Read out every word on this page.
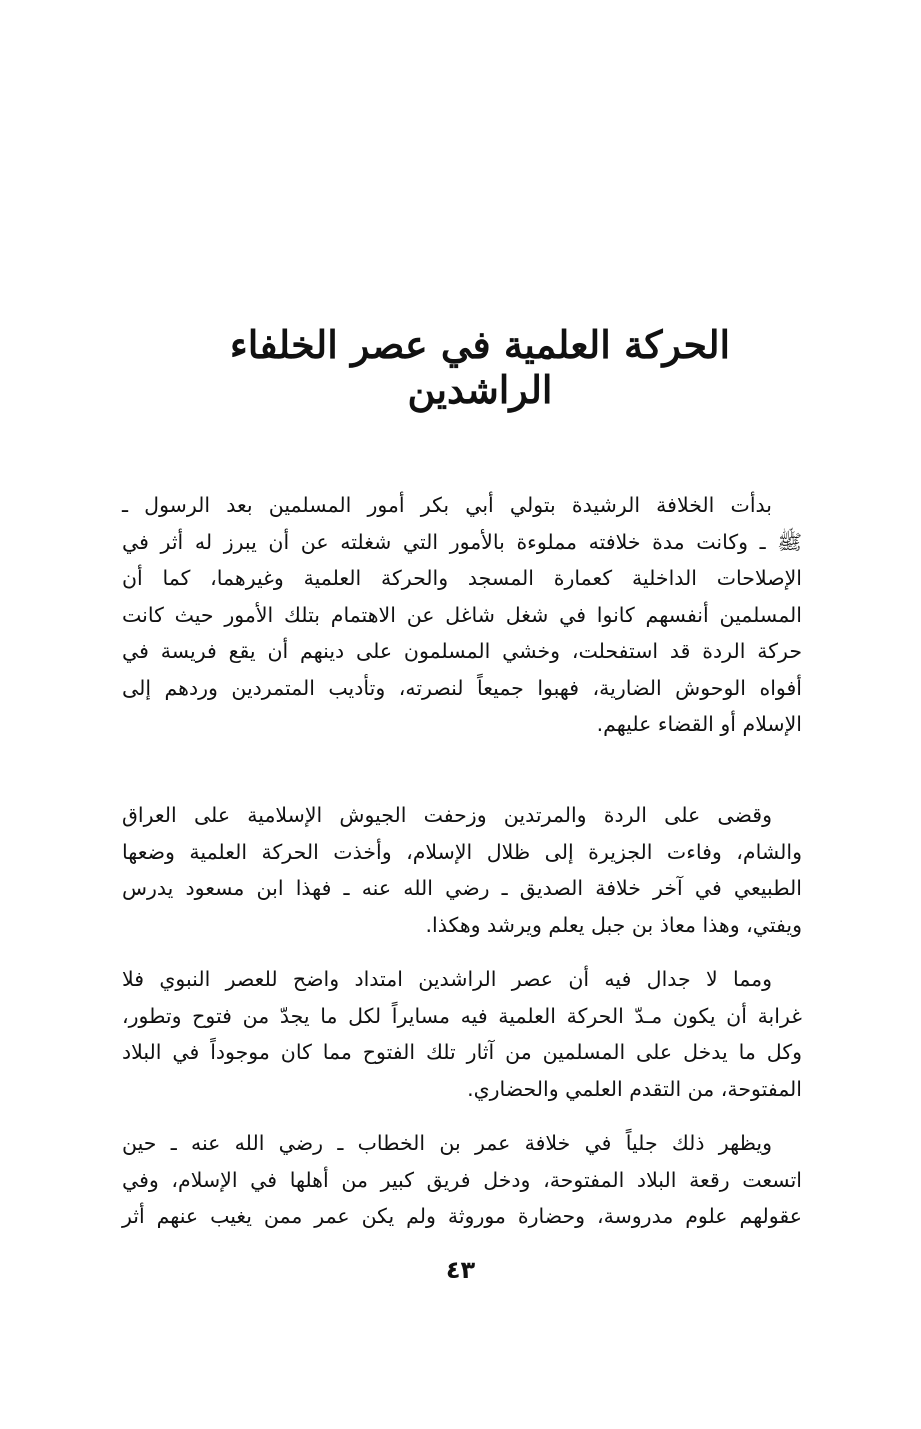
الحركة العلمية في عصر الخلفاء الراشدين
بدأت الخلافة الرشيدة بتولي أبي بكر أمور المسلمين بعد الرسول ـ
ﷺ ـ وكانت مدة خلافته مملوءة بالأمور التي شغلته عن أن يبرز له أثر في
الإصلاحات الداخلية كعمارة المسجد والحركة العلمية وغيرهما، كما أن
المسلمين أنفسهم كانوا في شغل شاغل عن الاهتمام بتلك الأمور حيث كانت
حركة الردة قد استفحلت، وخشي المسلمون على دينهم أن يقع فريسة في
أفواه الوحوش الضارية، فهبوا جميعاً لنصرته، وتأديب المتمردين وردهم إلى
الإسلام أو القضاء عليهم.
وقضى على الردة والمرتدين وزحفت الجيوش الإسلامية على العراق
والشام، وفاءت الجزيرة إلى ظلال الإسلام، وأخذت الحركة العلمية وضعها
الطبيعي في آخر خلافة الصديق ـ رضي الله عنه ـ فهذا ابن مسعود يدرس
ويفتي، وهذا معاذ بن جبل يعلم ويرشد وهكذا.
ومما لا جدال فيه أن عصر الراشدين امتداد واضح للعصر النبوي فلا
غرابة أن يكون مـدّ الحركة العلمية فيه مسايراً لكل ما يجدّ من فتوح وتطور،
وكل ما يدخل على المسلمين من آثار تلك الفتوح مما كان موجوداً في البلاد
المفتوحة، من التقدم العلمي والحضاري.
ويظهر ذلك جلياً في خلافة عمر بن الخطاب ـ رضي الله عنه ـ حين
اتسعت رقعة البلاد المفتوحة، ودخل فريق كبير من أهلها في الإسلام، وفي
عقولهم علوم مدروسة، وحضارة موروثة ولم يكن عمر ممن يغيب عنهم أثر
٤٣
